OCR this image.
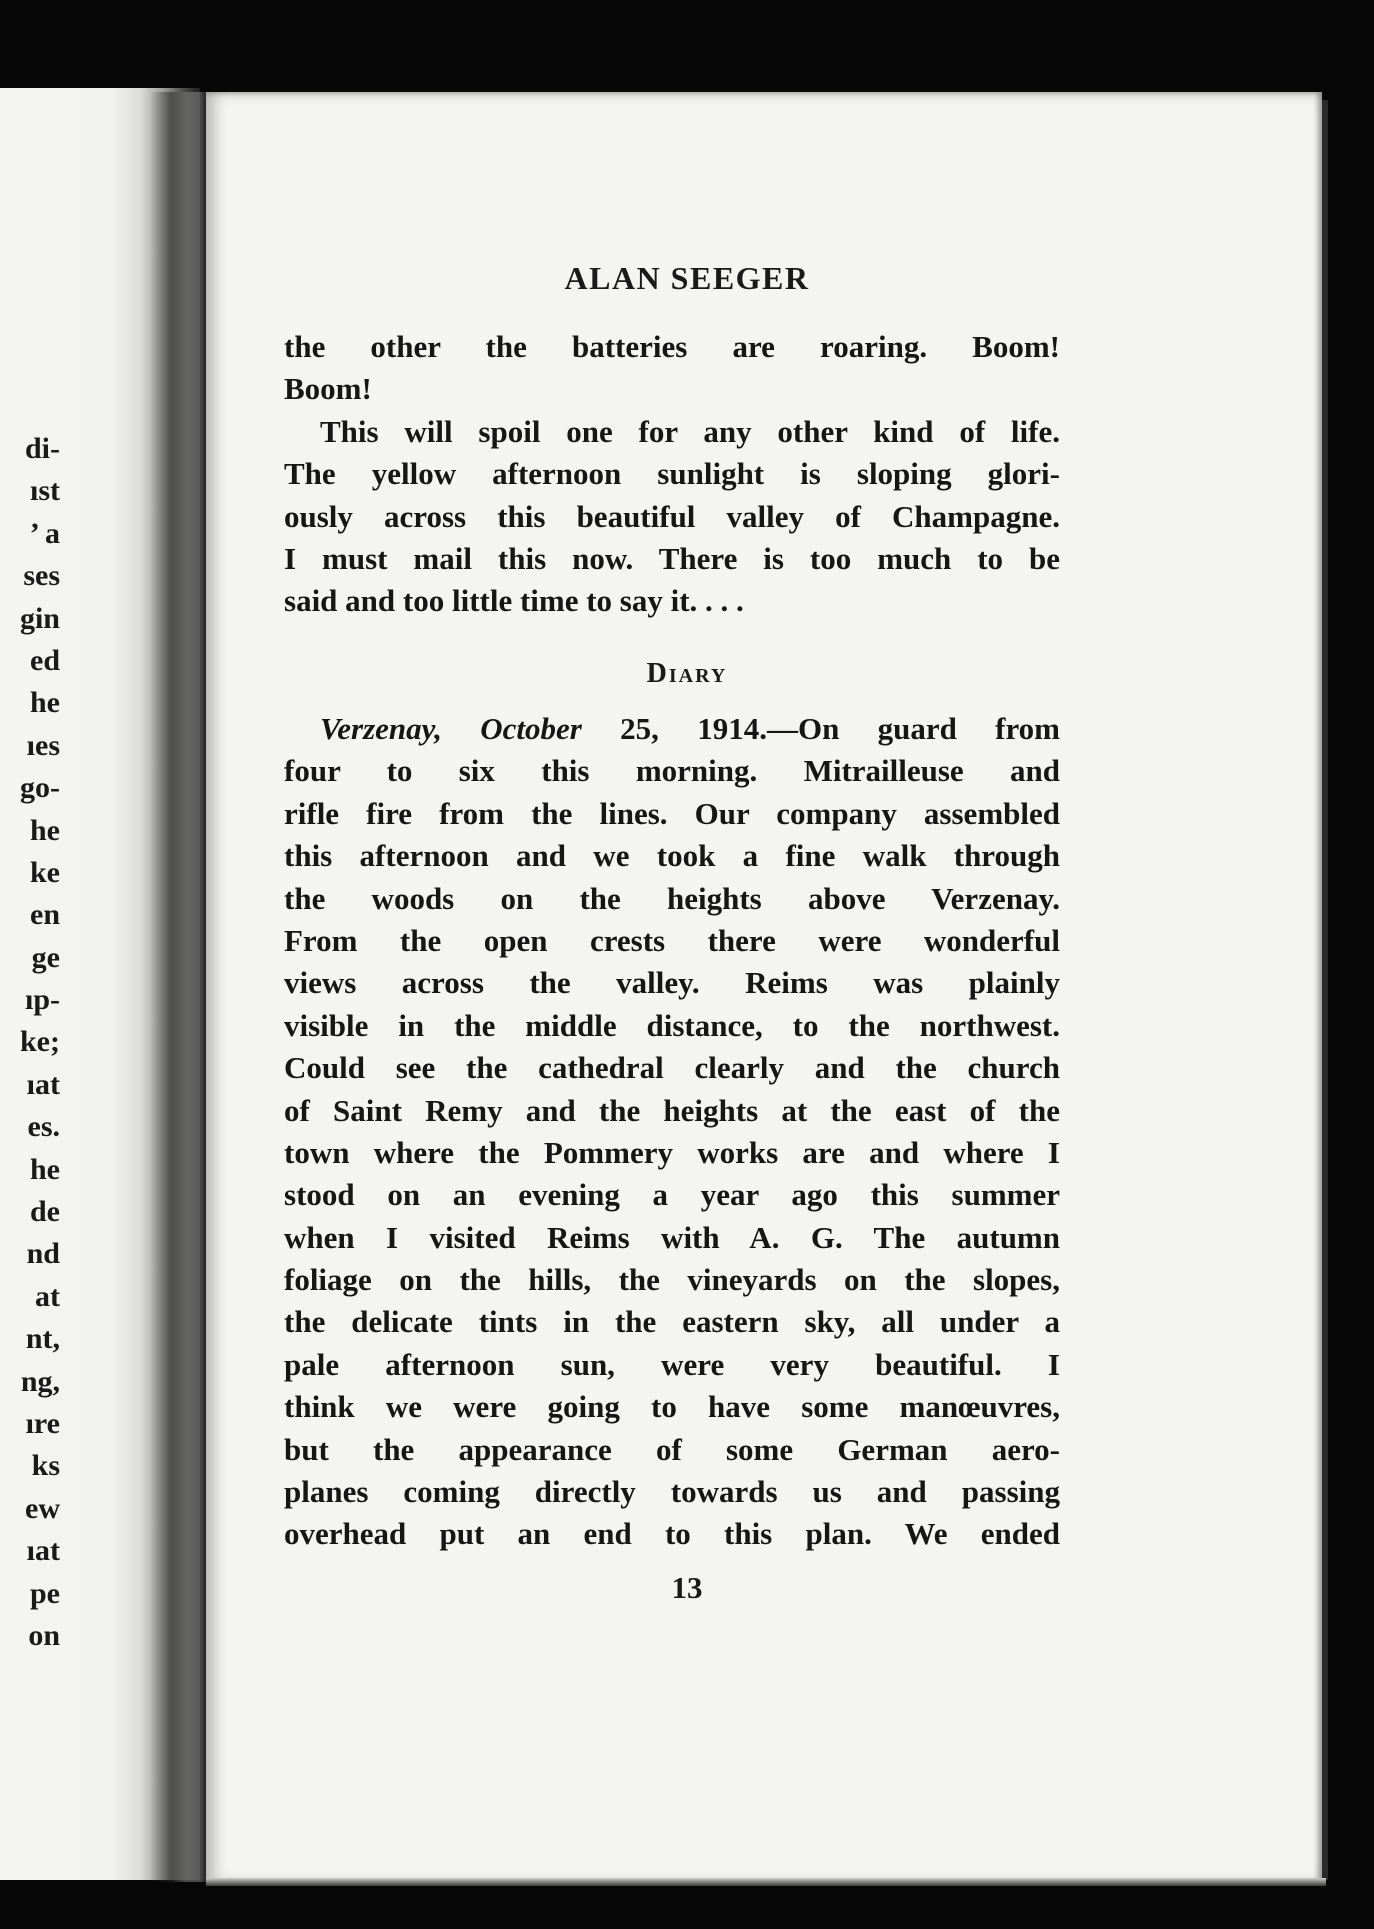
di-
ıst
’ a
ses
gin
ed
he
ıes
go-
he
ke
en
ge
ıp-
ke;
ıat
es.
he
de
nd
at
nt,
ng,
ıre
ks
ew
ıat
pe
on
ALAN SEEGER
the other the batteries are roaring. Boom!
Boom!
This will spoil one for any other kind of life.
The yellow afternoon sunlight is sloping glori-
ously across this beautiful valley of Champagne.
I must mail this now. There is too much to be
said and too little time to say it. . . .
Diary
Verzenay, October 25, 1914.—On guard from
four to six this morning. Mitrailleuse and
rifle fire from the lines. Our company assembled
this afternoon and we took a fine walk through
the woods on the heights above Verzenay.
From the open crests there were wonderful
views across the valley. Reims was plainly
visible in the middle distance, to the northwest.
Could see the cathedral clearly and the church
of Saint Remy and the heights at the east of the
town where the Pommery works are and where I
stood on an evening a year ago this summer
when I visited Reims with A. G. The autumn
foliage on the hills, the vineyards on the slopes,
the delicate tints in the eastern sky, all under a
pale afternoon sun, were very beautiful. I
think we were going to have some manœuvres,
but the appearance of some German aero-
planes coming directly towards us and passing
overhead put an end to this plan. We ended
13
